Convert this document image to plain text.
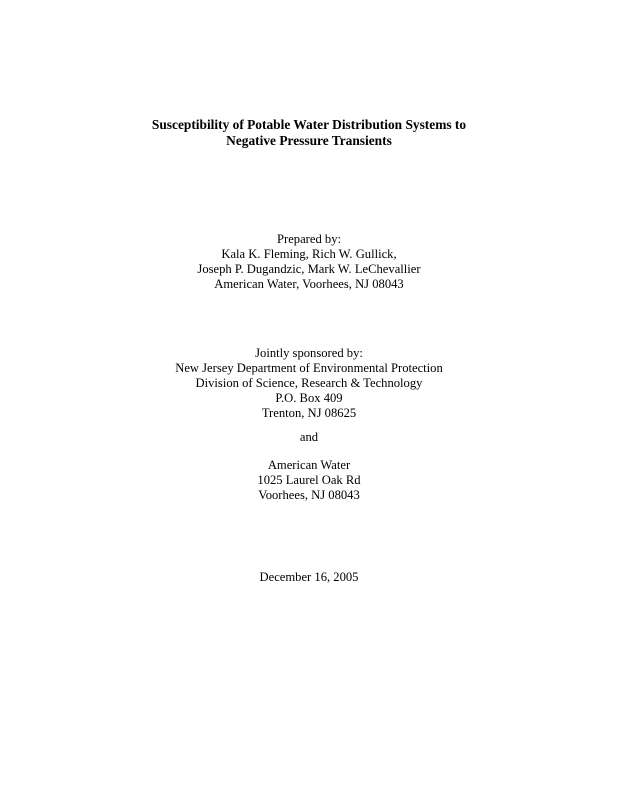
Susceptibility of Potable Water Distribution Systems to
Negative Pressure Transients
Prepared by:
Kala K. Fleming, Rich W. Gullick,
Joseph P. Dugandzic, Mark W. LeChevallier
American Water, Voorhees, NJ 08043
Jointly sponsored by:
New Jersey Department of Environmental Protection
Division of Science, Research & Technology
P.O. Box 409
Trenton, NJ 08625
and
American Water
1025 Laurel Oak Rd
Voorhees, NJ 08043
December 16, 2005
